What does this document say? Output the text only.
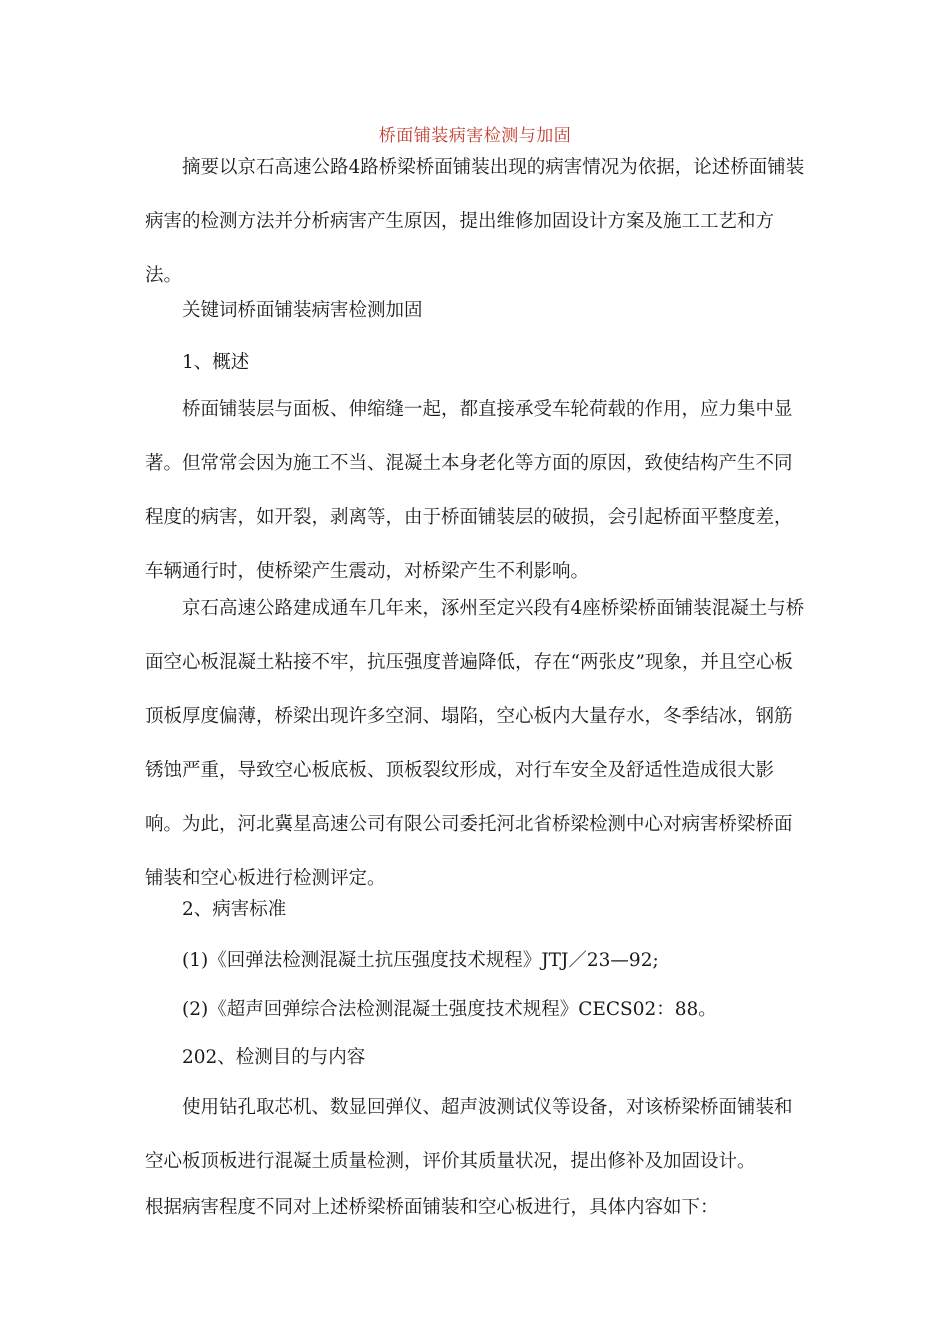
桥面铺装病害检测与加固
摘要以京石高速公路4路桥梁桥面铺装出现的病害情况为依据，论述桥面铺装病害的检测方法并分析病害产生原因，提出维修加固设计方案及施工工艺和方法。
关键词桥面铺装病害检测加固
1、概述
桥面铺装层与面板、伸缩缝一起，都直接承受车轮荷载的作用，应力集中显著。但常常会因为施工不当、混凝土本身老化等方面的原因，致使结构产生不同程度的病害，如开裂，剥离等，由于桥面铺装层的破损，会引起桥面平整度差，车辆通行时，使桥梁产生震动，对桥梁产生不利影响。
京石高速公路建成通车几年来，涿州至定兴段有4座桥梁桥面铺装混凝土与桥面空心板混凝土粘接不牢，抗压强度普遍降低，存在“两张皮”现象，并且空心板顶板厚度偏薄，桥梁出现许多空洞、塌陷，空心板内大量存水，冬季结冰，钢筋锈蚀严重，导致空心板底板、顶板裂纹形成，对行车安全及舒适性造成很大影响。为此，河北冀星高速公司有限公司委托河北省桥梁检测中心对病害桥梁桥面铺装和空心板进行检测评定。
2、病害标准
(1)《回弹法检测混凝土抗压强度技术规程》JTJ／23—92;
(2)《超声回弹综合法检测混凝土强度技术规程》CECS02：88。
202、检测目的与内容
使用钻孔取芯机、数显回弹仪、超声波测试仪等设备，对该桥梁桥面铺装和空心板顶板进行混凝土质量检测，评价其质量状况，提出修补及加固设计。
根据病害程度不同对上述桥梁桥面铺装和空心板进行，具体内容如下：
